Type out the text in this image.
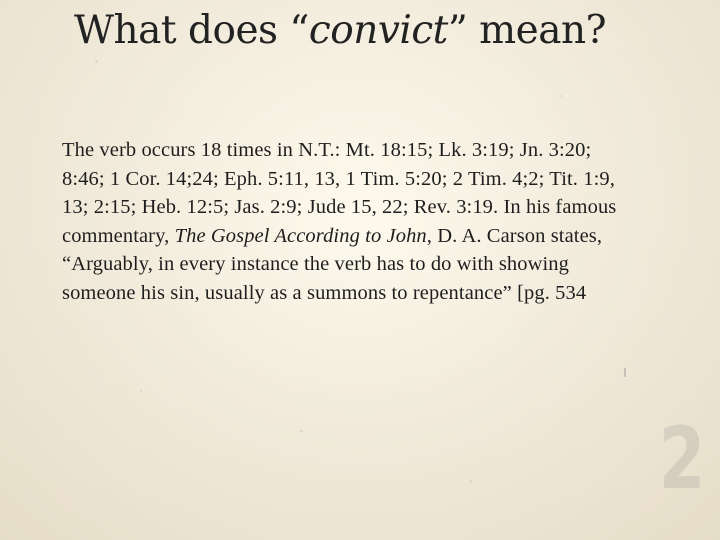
What does “convict” mean?
The verb occurs 18 times in N.T.: Mt. 18:15; Lk. 3:19; Jn. 3:20;
8:46; 1 Cor. 14;24; Eph. 5:11, 13, 1 Tim. 5:20; 2 Tim. 4;2; Tit. 1:9,
13; 2:15; Heb. 12:5; Jas. 2:9; Jude 15, 22; Rev. 3:19. In his famous
commentary, The Gospel According to John, D. A. Carson states,
“Arguably, in every instance the verb has to do with showing
someone his sin, usually as a summons to repentance” [pg. 534
2
